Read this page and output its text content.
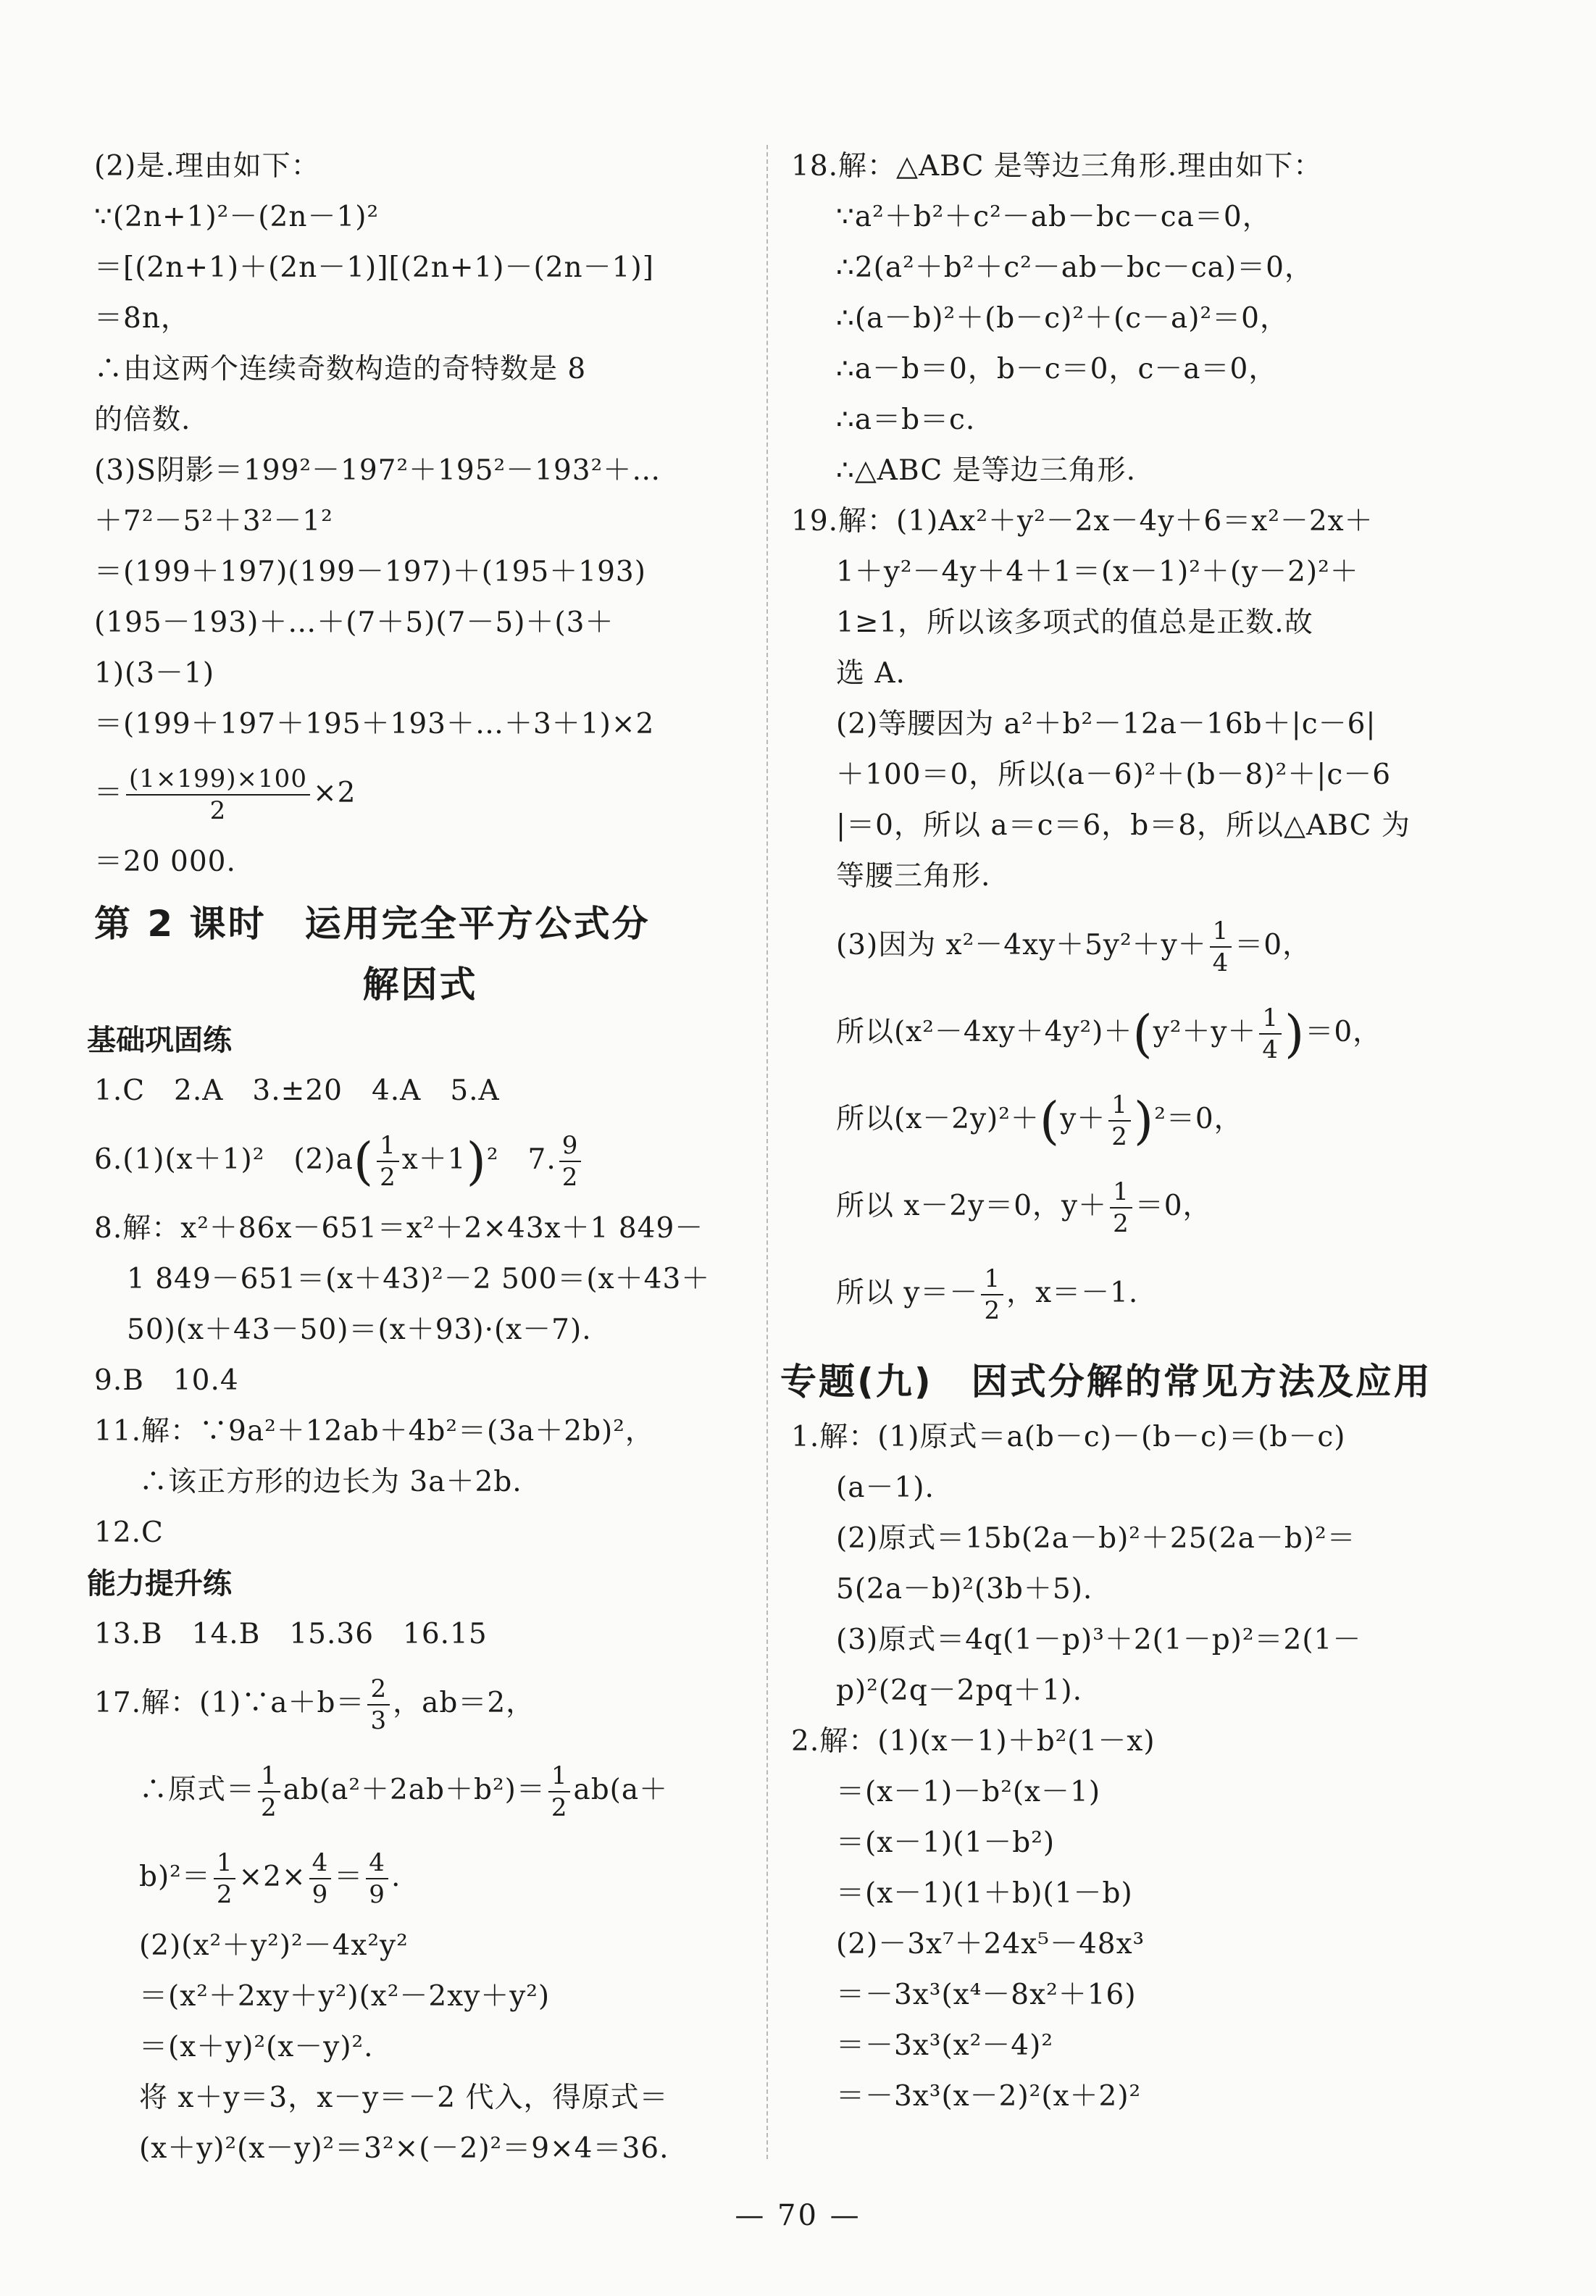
(2)是.理由如下：
∵(2n+1)²－(2n－1)²
＝[(2n+1)＋(2n－1)][(2n+1)－(2n－1)]
＝8n，
∴由这两个连续奇数构造的奇特数是 8
的倍数.
(3)S阴影＝199²－197²＋195²－193²＋…
＋7²－5²＋3²－1²
＝(199＋197)(199－197)＋(195＋193)
(195－193)＋…＋(7＋5)(7－5)＋(3＋
1)(3－1)
＝(199＋197＋195＋193＋…＋3＋1)×2
＝ $\frac{(1\times 199)\times 100}{2} \times 2$
＝20 000.
第 2 课时　运用完全平方公式分
解因式
基础巩固练
1.C　2.A　3.±20　4.A　5.A
6.(1)(x＋1)²　$(2)a( \frac{1}{2} x+1)^2$　7. $\frac{9}{2}$
8.解：x²＋86x－651＝x²＋2×43x＋1 849－
1 849－651＝(x＋43)²－2 500＝(x＋43＋
50)(x＋43－50)＝(x＋93)·(x－7).
9.B　10.4
11.解：∵9a²＋12ab＋4b²＝(3a＋2b)²，
∴该正方形的边长为 3a＋2b.
12.C
能力提升练
13.B　14.B　15.36　16.15
17.解：(1)∵a＋b＝ $\frac{2}{3}$ ，ab＝2，
∴原式＝ $\frac{1}{2} ab(a^2+2ab+b^2)= \frac{1}{2} ab(a+$
$b)^2= \frac{1}{2} \times 2\times \frac{4}{9} = \frac{4}{9}$ .
(2)(x²＋y²)²－4x²y²
＝(x²＋2xy＋y²)(x²－2xy＋y²)
＝(x＋y)²(x－y)².
将 x＋y＝3，x－y＝－2 代入，得原式＝
(x＋y)²(x－y)²＝3²×(－2)²＝9×4＝36.
18.解：△ABC 是等边三角形.理由如下：
∵a²＋b²＋c²－ab－bc－ca＝0，
∴2(a²＋b²＋c²－ab－bc－ca)＝0，
∴(a－b)²＋(b－c)²＋(c－a)²＝0，
∴a－b＝0，b－c＝0，c－a＝0，
∴a＝b＝c.
∴△ABC 是等边三角形.
19.解：(1)Ax²＋y²－2x－4y＋6＝x²－2x＋
1＋y²－4y＋4＋1＝(x－1)²＋(y－2)²＋
1≥1，所以该多项式的值总是正数.故
选 A.
(2)等腰因为 a²＋b²－12a－16b＋|c－6|
＋100＝0，所以(a－6)²＋(b－8)²＋|c－6
|＝0，所以 a＝c＝6，b＝8，所以△ABC 为
等腰三角形.
(3)因为 $x^2-4xy+5y^2+y+ \frac{1}{4} =0$，
所以$(x^2-4xy+4y^2)+(y^2+y+ \frac{1}{4} )=0$，
所以$(x-2y)^2+(y+ \frac{1}{2} )^2=0$，
所以 x－2y＝0，$y+ \frac{1}{2} =0$，
所以 $y=- \frac{1}{2}$ ，x＝－1.
专题(九)　因式分解的常见方法及应用
1.解：(1)原式＝a(b－c)－(b－c)＝(b－c)
(a－1).
(2)原式＝15b(2a－b)²＋25(2a－b)²＝
5(2a－b)²(3b＋5).
(3)原式＝4q(1－p)³＋2(1－p)²＝2(1－
p)²(2q－2pq＋1).
2.解：(1)(x－1)＋b²(1－x)
＝(x－1)－b²(x－1)
＝(x－1)(1－b²)
＝(x－1)(1＋b)(1－b)
(2)－3x⁷＋24x⁵－48x³
＝－3x³(x⁴－8x²＋16)
＝－3x³(x²－4)²
＝－3x³(x－2)²(x＋2)²
— 70 —
